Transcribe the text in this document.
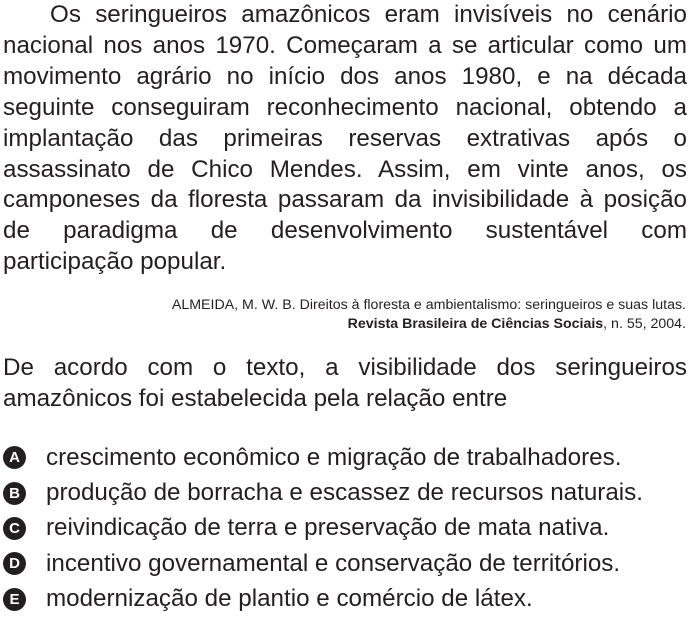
Os seringueiros amazônicos eram invisíveis no cenário nacional nos anos 1970. Começaram a se articular como um movimento agrário no início dos anos 1980, e na década seguinte conseguiram reconhecimento nacional, obtendo a implantação das primeiras reservas extrativas após o assassinato de Chico Mendes. Assim, em vinte anos, os camponeses da floresta passaram da invisibilidade à posição de paradigma de desenvolvimento sustentável com participação popular.

ALMEIDA, M. W. B. Direitos à floresta e ambientalismo: seringueiros e suas lutas.
Revista Brasileira de Ciências Sociais, n. 55, 2004.

De acordo com o texto, a visibilidade dos seringueiros amazônicos foi estabelecida pela relação entre

A crescimento econômico e migração de trabalhadores.
B produção de borracha e escassez de recursos naturais.
C reivindicação de terra e preservação de mata nativa.
D incentivo governamental e conservação de territórios.
E modernização de plantio e comércio de látex.
